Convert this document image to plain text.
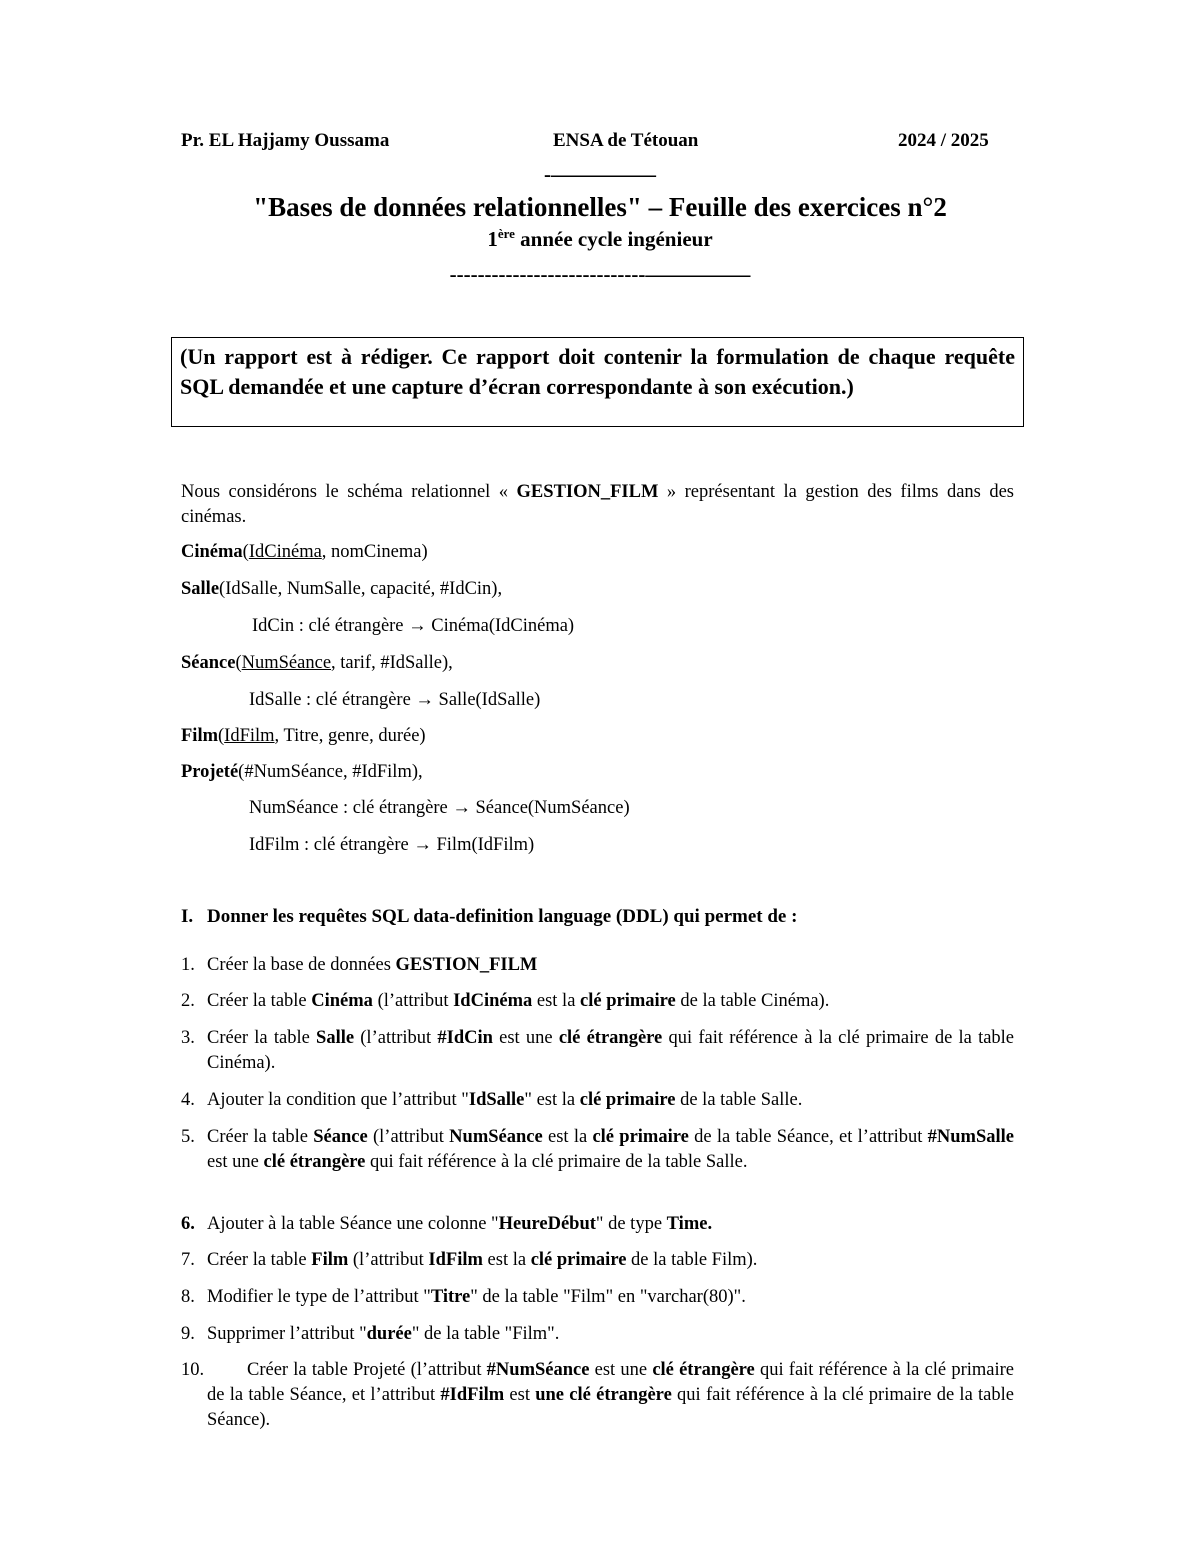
Pr. EL Hajjamy Oussama	ENSA de Tétouan	2024 / 2025
-—————
"Bases de données relationnelles" – Feuille des exercices n°2
1ère année cycle ingénieur
----------------------------—————
(Un rapport est à rédiger. Ce rapport doit contenir la formulation de chaque requête SQL demandée et une capture d’écran correspondante à son exécution.)
Nous considérons le schéma relationnel « GESTION_FILM » représentant la gestion des films dans des cinémas.
Cinéma(IdCinéma, nomCinema)
Salle(IdSalle, NumSalle, capacité, #IdCin),
IdCin : clé étrangère → Cinéma(IdCinéma)
Séance(NumSéance, tarif, #IdSalle),
IdSalle : clé étrangère → Salle(IdSalle)
Film(IdFilm, Titre, genre, durée)
Projeté(#NumSéance, #IdFilm),
NumSéance : clé étrangère → Séance(NumSéance)
IdFilm : clé étrangère → Film(IdFilm)
I. Donner les requêtes SQL data-definition language (DDL) qui permet de :
1. Créer la base de données GESTION_FILM
2. Créer la table Cinéma (l’attribut IdCinéma est la clé primaire de la table Cinéma).
3. Créer la table Salle (l’attribut #IdCin est une clé étrangère qui fait référence à la clé primaire de la table Cinéma).
4. Ajouter la condition que l’attribut "IdSalle" est la clé primaire de la table Salle.
5. Créer la table Séance (l’attribut NumSéance est la clé primaire de la table Séance, et l’attribut #NumSalle est une clé étrangère qui fait référence à la clé primaire de la table Salle.
6. Ajouter à la table Séance une colonne "HeureDébut" de type Time.
7. Créer la table Film (l’attribut IdFilm est la clé primaire de la table Film).
8. Modifier le type de l’attribut "Titre" de la table "Film" en "varchar(80)".
9. Supprimer l’attribut "durée" de la table "Film".
10.	Créer la table Projeté (l’attribut #NumSéance est une clé étrangère qui fait référence à la clé primaire de la table Séance, et l’attribut #IdFilm est une clé étrangère qui fait référence à la clé primaire de la table Séance).
